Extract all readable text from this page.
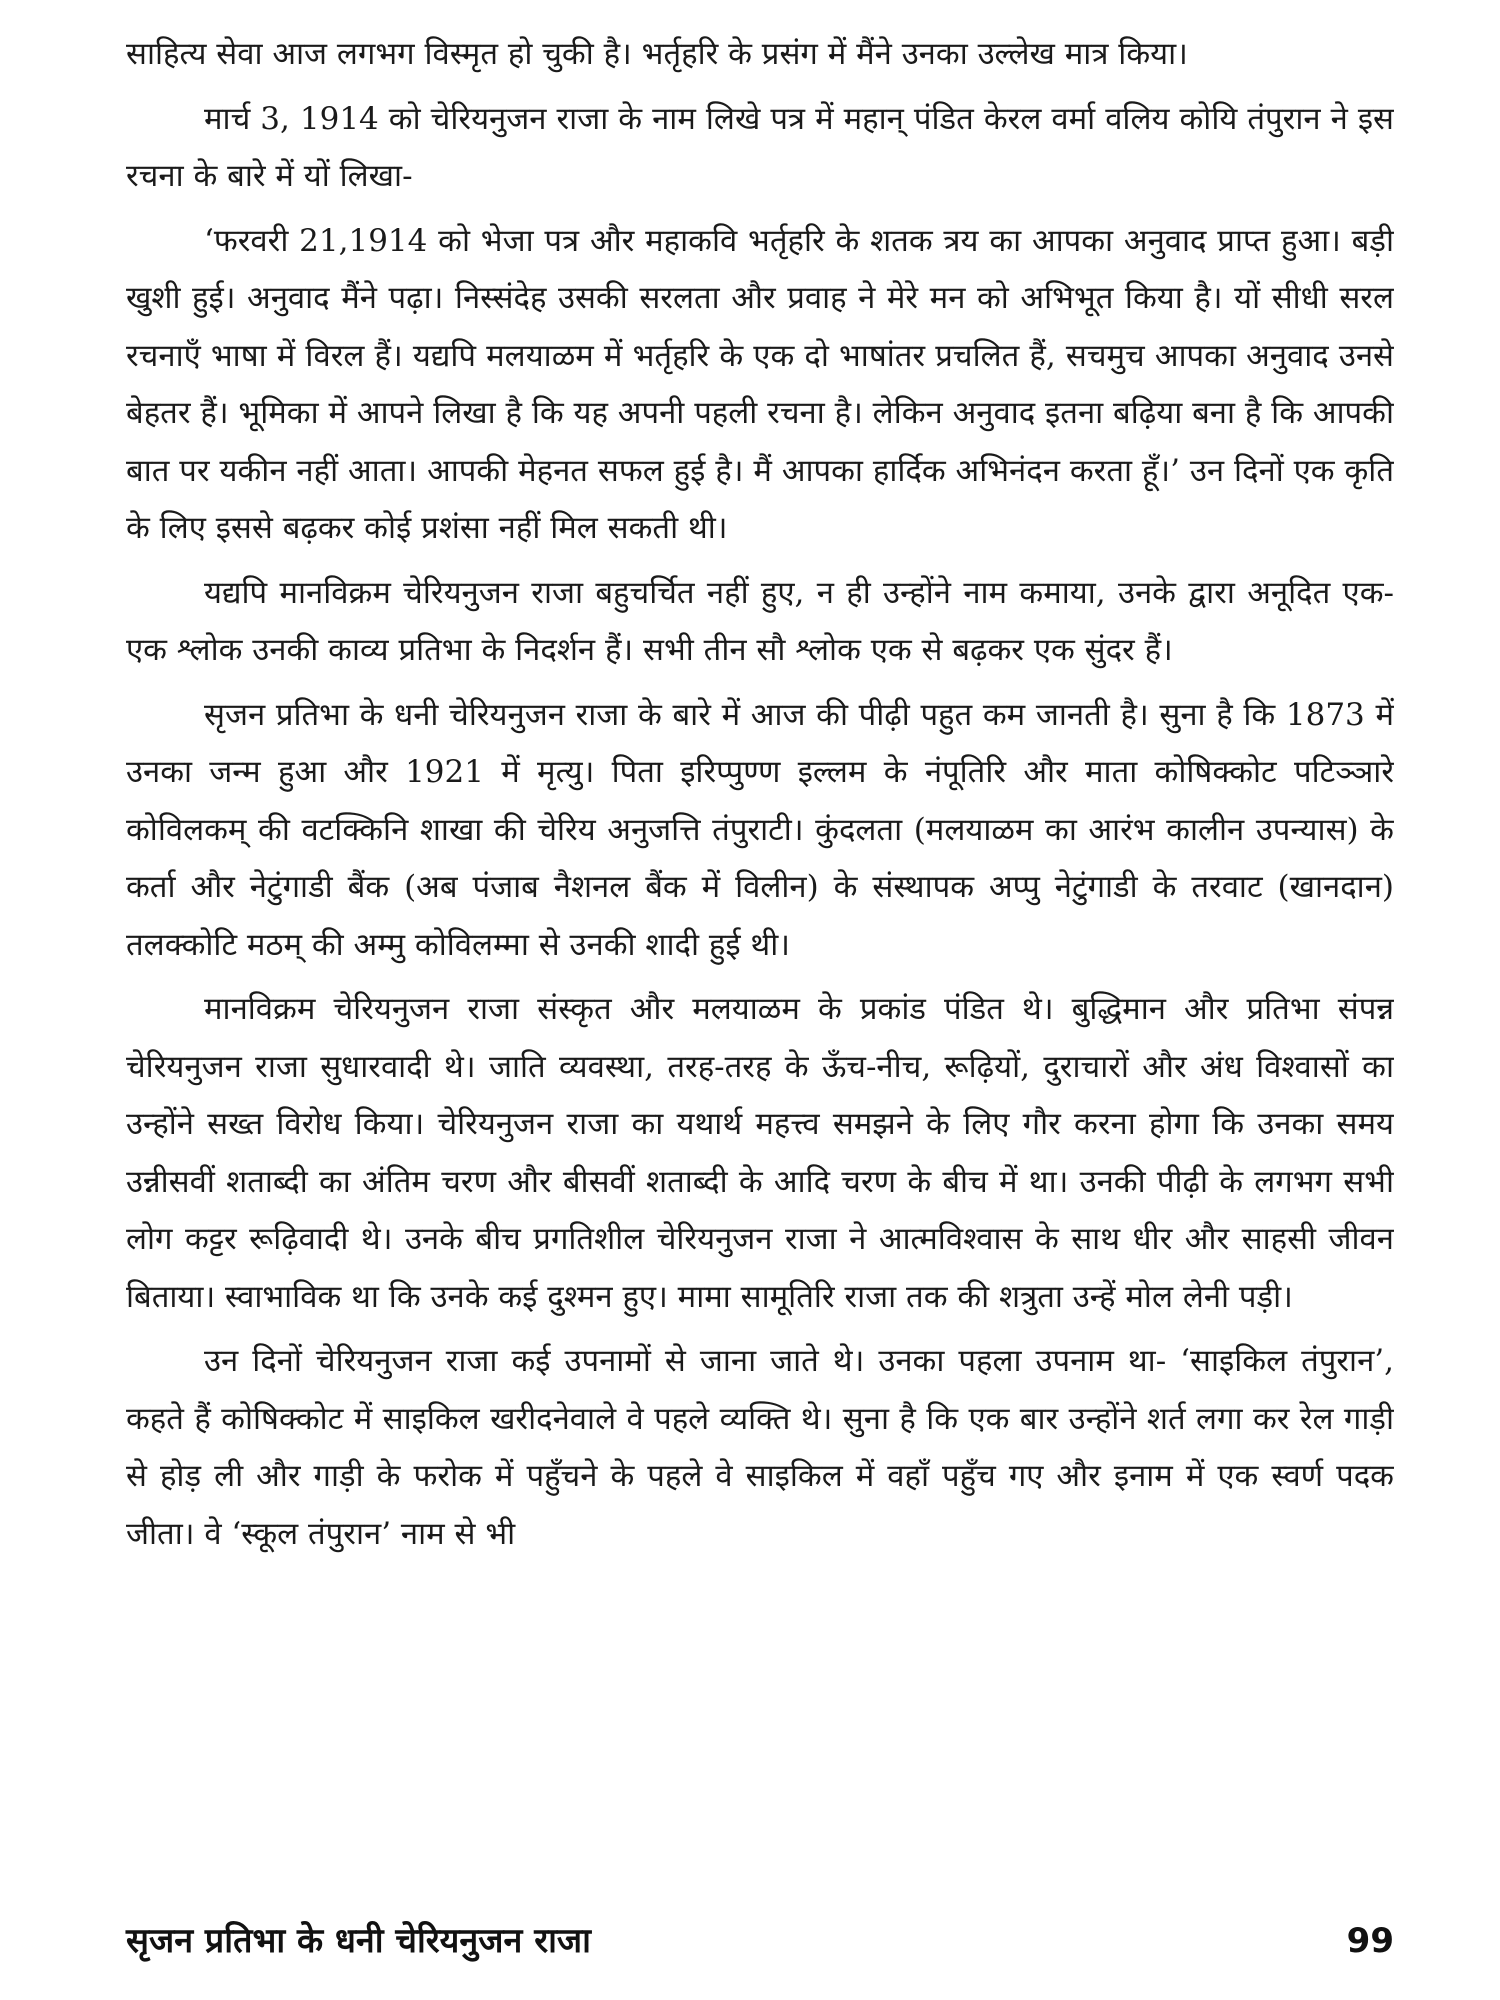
साहित्य सेवा आज लगभग विस्मृत हो चुकी है। भर्तृहरि के प्रसंग में मैंने उनका उल्लेख मात्र किया।

मार्च 3, 1914 को चेरियनुजन राजा के नाम लिखे पत्र में महान् पंडित केरल वर्मा वलिय कोयि तंपुरान ने इस रचना के बारे में यों लिखा-

‘फरवरी 21,1914 को भेजा पत्र और महाकवि भर्तृहरि के शतक त्रय का आपका अनुवाद प्राप्त हुआ। बड़ी खुशी हुई। अनुवाद मैंने पढ़ा। निस्संदेह उसकी सरलता और प्रवाह ने मेरे मन को अभिभूत किया है। यों सीधी सरल रचनाएँ भाषा में विरल हैं। यद्यपि मलयाळम में भर्तृहरि के एक दो भाषांतर प्रचलित हैं, सचमुच आपका अनुवाद उनसे बेहतर हैं। भूमिका में आपने लिखा है कि यह अपनी पहली रचना है। लेकिन अनुवाद इतना बढ़िया बना है कि आपकी बात पर यकीन नहीं आता। आपकी मेहनत सफल हुई है। मैं आपका हार्दिक अभिनंदन करता हूँ।’ उन दिनों एक कृति के लिए इससे बढ़कर कोई प्रशंसा नहीं मिल सकती थी।

यद्यपि मानविक्रम चेरियनुजन राजा बहुचर्चित नहीं हुए, न ही उन्होंने नाम कमाया, उनके द्वारा अनूदित एक-एक श्लोक उनकी काव्य प्रतिभा के निदर्शन हैं। सभी तीन सौ श्लोक एक से बढ़कर एक सुंदर हैं।

सृजन प्रतिभा के धनी चेरियनुजन राजा के बारे में आज की पीढ़ी पहुत कम जानती है। सुना है कि 1873 में उनका जन्म हुआ और 1921 में मृत्यु। पिता इरिप्पुण्ण इल्लम के नंपूतिरि और माता कोषिक्कोट पटिञ्ञारे कोविलकम् की वटक्किनि शाखा की चेरिय अनुजत्ति तंपुराटी। कुंदलता (मलयाळम का आरंभ कालीन उपन्यास) के कर्ता और नेटुंगाडी बैंक (अब पंजाब नैशनल बैंक में विलीन) के संस्थापक अप्पु नेटुंगाडी के तरवाट (खानदान) तलक्कोटि मठम् की अम्मु कोविलम्मा से उनकी शादी हुई थी।

मानविक्रम चेरियनुजन राजा संस्कृत और मलयाळम के प्रकांड पंडित थे। बुद्धिमान और प्रतिभा संपन्न चेरियनुजन राजा सुधारवादी थे। जाति व्यवस्था, तरह-तरह के ऊँच-नीच, रूढ़ियों, दुराचारों और अंध विश्वासों का उन्होंने सख्त विरोध किया। चेरियनुजन राजा का यथार्थ महत्त्व समझने के लिए गौर करना होगा कि उनका समय उन्नीसवीं शताब्दी का अंतिम चरण और बीसवीं शताब्दी के आदि चरण के बीच में था। उनकी पीढ़ी के लगभग सभी लोग कट्टर रूढ़िवादी थे। उनके बीच प्रगतिशील चेरियनुजन राजा ने आत्मविश्वास के साथ धीर और साहसी जीवन बिताया। स्वाभाविक था कि उनके कई दुश्मन हुए। मामा सामूतिरि राजा तक की शत्रुता उन्हें मोल लेनी पड़ी।

उन दिनों चेरियनुजन राजा कई उपनामों से जाना जाते थे। उनका पहला उपनाम था- ‘साइकिल तंपुरान’, कहते हैं कोषिक्कोट में साइकिल खरीदनेवाले वे पहले व्यक्ति थे। सुना है कि एक बार उन्होंने शर्त लगा कर रेल गाड़ी से होड़ ली और गाड़ी के फरोक में पहुँचने के पहले वे साइकिल में वहाँ पहुँच गए और इनाम में एक स्वर्ण पदक जीता। वे ‘स्कूल तंपुरान’ नाम से भी

सृजन प्रतिभा के धनी चेरियनुजन राजा	99
